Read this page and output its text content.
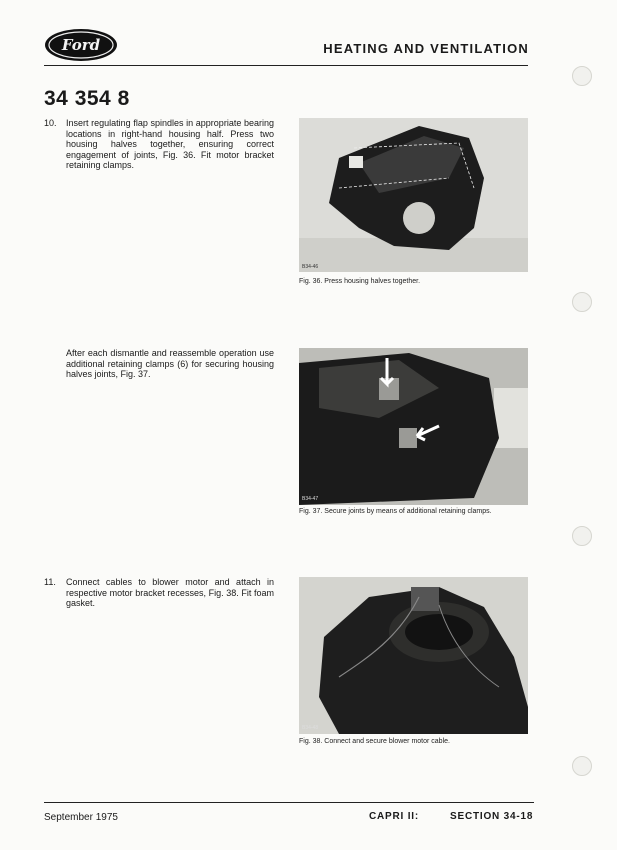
Ford	HEATING AND VENTILATION
34 354 8
10. Insert regulating flap spindles in appropriate bearing locations in right-hand housing half. Press two housing halves together, ensuring correct engagement of joints, Fig. 36. Fit motor bracket retaining clamps.
B34-46
Fig. 36. Press housing halves together.
After each dismantle and reassemble operation use additional retaining clamps (6) for securing housing halves joints, Fig. 37.
B34-47
Fig. 37. Secure joints by means of additional retaining clamps.
11. Connect cables to blower motor and attach in respective motor bracket recesses, Fig. 38. Fit foam gasket.
B34-48
Fig. 38. Connect and secure blower motor cable.
September 1975	CAPRI II:	SECTION 34-18
